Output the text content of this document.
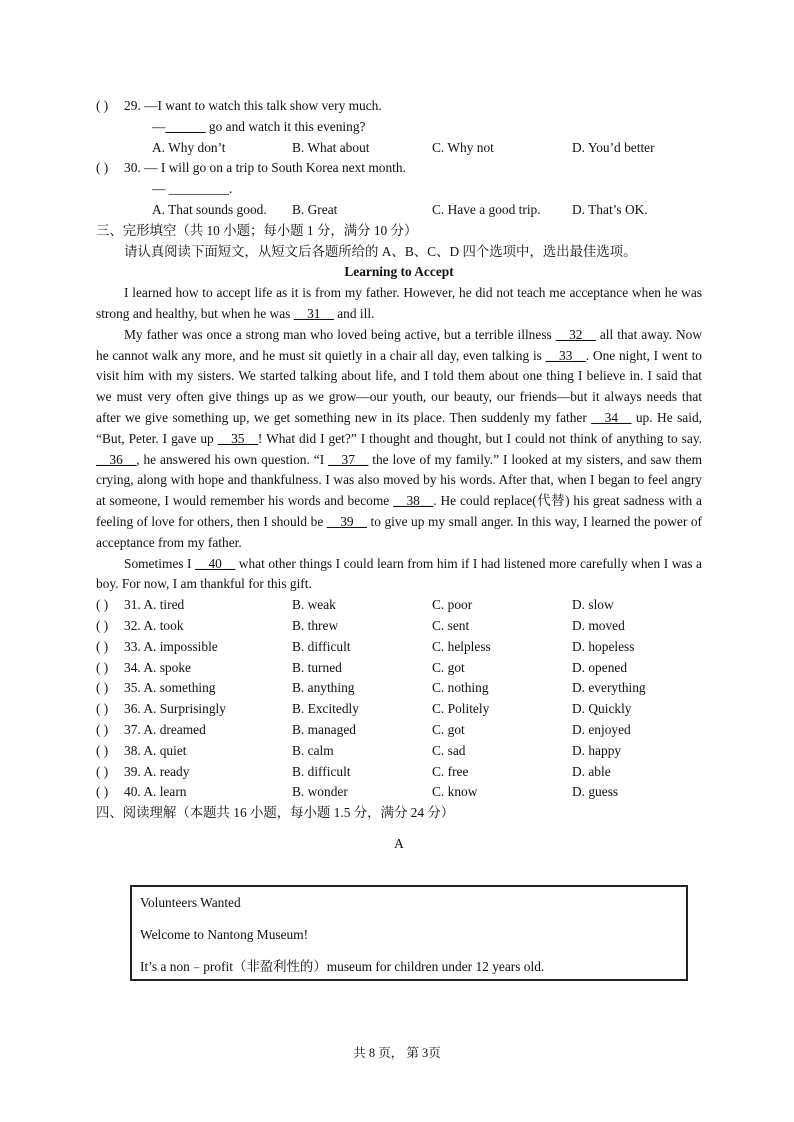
( ) 29. —I want to watch this talk show very much.
—______ go and watch it this evening?
A. Why don’t	B. What about	C. Why not	D. You’d better
( ) 30. — I will go on a trip to South Korea next month.
— _________.
A. That sounds good. B. Great	C. Have a good trip. D. That’s OK.
三、完形填空（共 10 小题；每小题 1 分，满分 10 分）
请认真阅读下面短文，从短文后各题所给的 A、B、C、D 四个选项中，选出最佳选项。
Learning to Accept
I learned how to accept life as it is from my father. However, he did not teach me acceptance when he was strong and healthy, but when he was __31__ and ill.
My father was once a strong man who loved being active, but a terrible illness __32__ all that away. Now he cannot walk any more, and he must sit quietly in a chair all day, even talking is __33__. One night, I went to visit him with my sisters. We started talking about life, and I told them about one thing I believe in. I said that we must very often give things up as we grow—our youth, our beauty, our friends—but it always needs that after we give something up, we get something new in its place. Then suddenly my father __34__ up. He said, “But, Peter. I gave up __35__! What did I get?” I thought and thought, but I could not think of anything to say. __36__, he answered his own question. “I __37__ the love of my family.” I looked at my sisters, and saw them crying, along with hope and thankfulness. I was also moved by his words. After that, when I began to feel angry at someone, I would remember his words and become __38__. He could replace(代替) his great sadness with a feeling of love for others, then I should be __39__ to give up my small anger. In this way, I learned the power of acceptance from my father.
Sometimes I __40__ what other things I could learn from him if I had listened more carefully when I was a boy. For now, I am thankful for this gift.
( ) 31. A. tired	B. weak	C. poor	D. slow
( ) 32. A. took	B. threw	C. sent	D. moved
( ) 33. A. impossible	B. difficult	C. helpless	D. hopeless
( ) 34. A. spoke	B. turned	C. got	D. opened
( ) 35. A. something	B. anything	C. nothing	D. everything
( ) 36. A. Surprisingly	B. Excitedly	C. Politely	D. Quickly
( ) 37. A. dreamed	B. managed	C. got	D. enjoyed
( ) 38. A. quiet	B. calm	C. sad	D. happy
( ) 39. A. ready	B. difficult	C. free	D. able
( ) 40. A. learn	B. wonder	C. know	D. guess
四、阅读理解（本题共 16 小题，每小题 1.5 分，满分 24 分）
A
Volunteers Wanted
Welcome to Nantong Museum!
It’s a non﹣profit（非盈利性的）museum for children under 12 years old.
共 8 页， 第 3页
